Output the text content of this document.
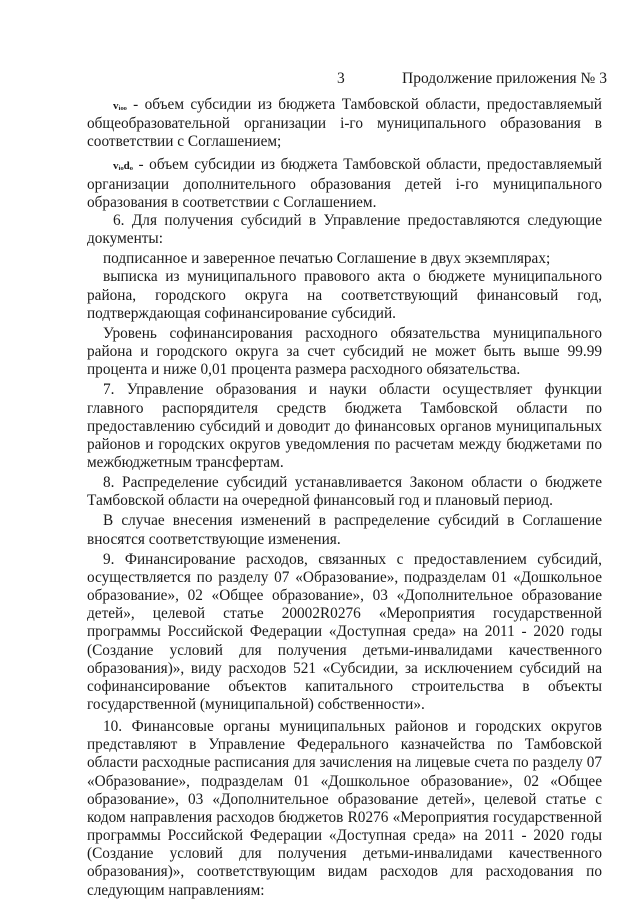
3	Продолжение приложения № 3

vᵢₒₒ - объем субсидии из бюджета Тамбовской области, предоставляемый общеобразовательной организации i-го муниципального образования в соответствии с Соглашением;

vᵢₒdₒ - объем субсидии из бюджета Тамбовской области, предоставляемый организации дополнительного образования детей i-го муниципального образования в соответствии с Соглашением.

6. Для получения субсидий в Управление предоставляются следующие документы:

подписанное и заверенное печатью Соглашение в двух экземплярах;

выписка из муниципального правового акта о бюджете муниципального района, городского округа на соответствующий финансовый год, подтверждающая софинансирование субсидий.

Уровень софинансирования расходного обязательства муниципального района и городского округа за счет субсидий не может быть выше 99.99 процента и ниже 0,01 процента размера расходного обязательства.

7. Управление образования и науки области осуществляет функции главного распорядителя средств бюджета Тамбовской области по предоставлению субсидий и доводит до финансовых органов муниципальных районов и городских округов уведомления по расчетам между бюджетами по межбюджетным трансфертам.

8. Распределение субсидий устанавливается Законом области о бюджете Тамбовской области на очередной финансовый год и плановый период.

В случае внесения изменений в распределение субсидий в Соглашение вносятся соответствующие изменения.

9. Финансирование расходов, связанных с предоставлением субсидий, осуществляется по разделу 07 «Образование», подразделам 01 «Дошкольное образование», 02 «Общее образование», 03 «Дополнительное образование детей», целевой статье 20002R0276 «Мероприятия государственной программы Российской Федерации «Доступная среда» на 2011 - 2020 годы (Создание условий для получения детьми-инвалидами качественного образования)», виду расходов 521 «Субсидии, за исключением субсидий на софинансирование объектов капитального строительства в объекты государственной (муниципальной) собственности».

10. Финансовые органы муниципальных районов и городских округов представляют в Управление Федерального казначейства по Тамбовской области расходные расписания для зачисления на лицевые счета по разделу 07 «Образование», подразделам 01 «Дошкольное образование», 02 «Общее образование», 03 «Дополнительное образование детей», целевой статье с кодом направления расходов бюджетов R0276 «Мероприятия государственной программы Российской Федерации «Доступная среда» на 2011 - 2020 годы (Создание условий для получения детьми-инвалидами качественного образования)», соответствующим видам расходов для расходования по следующим направлениям:
